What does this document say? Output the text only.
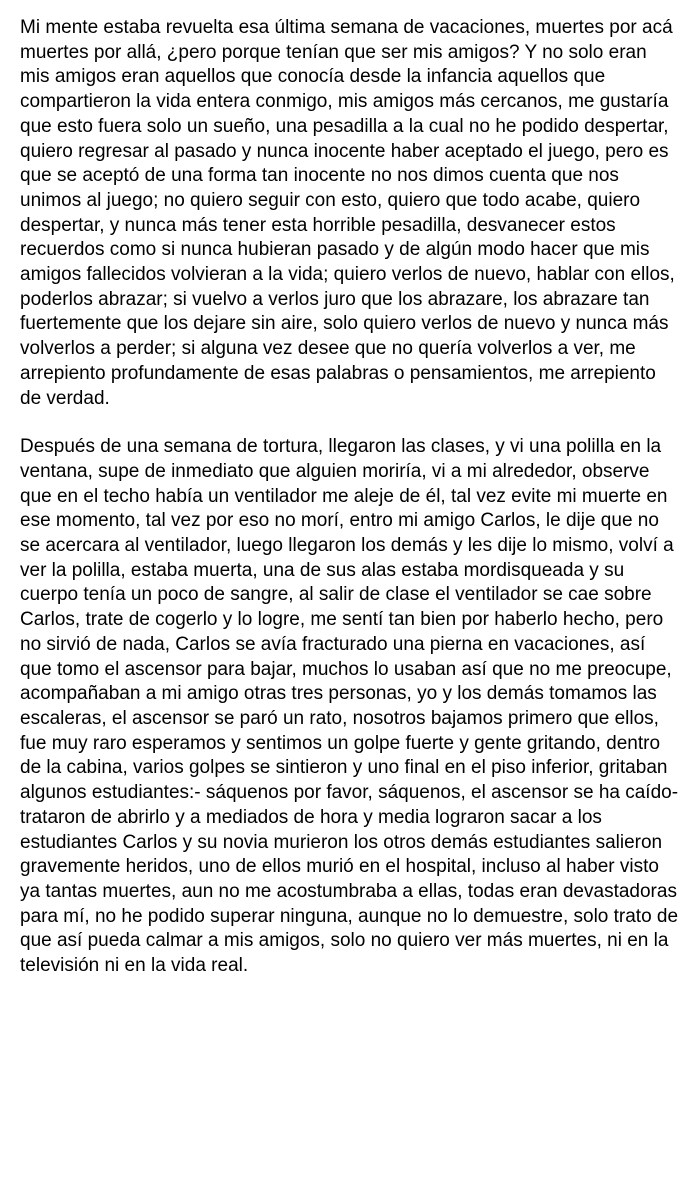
Mi mente estaba revuelta esa última semana de vacaciones, muertes por acá muertes por allá, ¿pero porque tenían que ser mis amigos? Y no solo eran mis amigos eran aquellos que conocía desde la infancia aquellos que compartieron la vida entera conmigo, mis amigos más cercanos, me gustaría que esto fuera solo un sueño, una pesadilla a la cual no he podido despertar, quiero regresar al pasado y nunca inocente haber aceptado el juego, pero es que se aceptó de una forma tan inocente no nos dimos cuenta que nos unimos al juego; no quiero seguir con esto, quiero que todo acabe, quiero despertar, y nunca más tener esta horrible pesadilla, desvanecer estos recuerdos como si nunca hubieran pasado y de algún modo hacer que mis amigos fallecidos volvieran a la vida; quiero verlos de nuevo, hablar con ellos, poderlos abrazar; si vuelvo a verlos juro que los abrazare, los abrazare tan fuertemente que los dejare sin aire, solo quiero verlos de nuevo y nunca más volverlos a perder; si alguna vez desee que no quería volverlos a ver, me arrepiento profundamente de esas palabras o pensamientos, me arrepiento de verdad.

Después de una semana de tortura, llegaron las clases, y vi una polilla en la ventana, supe de inmediato que alguien moriría, vi a mi alrededor, observe que en el techo había un ventilador me aleje de él, tal vez evite mi muerte en ese momento, tal vez por eso no morí, entro mi amigo Carlos, le dije que no se acercara al ventilador, luego llegaron los demás y les dije lo mismo, volví a ver la polilla, estaba muerta, una de sus alas estaba mordisqueada y su cuerpo tenía un poco de sangre, al salir de clase el ventilador se cae sobre Carlos, trate de cogerlo y lo logre, me sentí tan bien por haberlo hecho, pero no sirvió de nada, Carlos se avía fracturado una pierna en vacaciones, así que tomo el ascensor para bajar, muchos lo usaban así que no me preocupe, acompañaban a mi amigo otras tres personas, yo y los demás tomamos las escaleras, el ascensor se paró un rato, nosotros bajamos primero que ellos, fue muy raro esperamos y sentimos un golpe fuerte y gente gritando, dentro de la cabina, varios golpes se sintieron y uno final en el piso inferior, gritaban algunos estudiantes:- sáquenos por favor, sáquenos, el ascensor se ha caído- trataron de abrirlo y a mediados de hora y media lograron sacar a los estudiantes Carlos y su novia murieron los otros demás estudiantes salieron gravemente heridos, uno de ellos murió en el hospital, incluso al haber visto ya tantas muertes, aun no me acostumbraba a ellas, todas eran devastadoras para mí, no he podido superar ninguna, aunque no lo demuestre, solo trato de que así pueda calmar a mis amigos, solo no quiero ver más muertes, ni en la televisión ni en la vida real.
